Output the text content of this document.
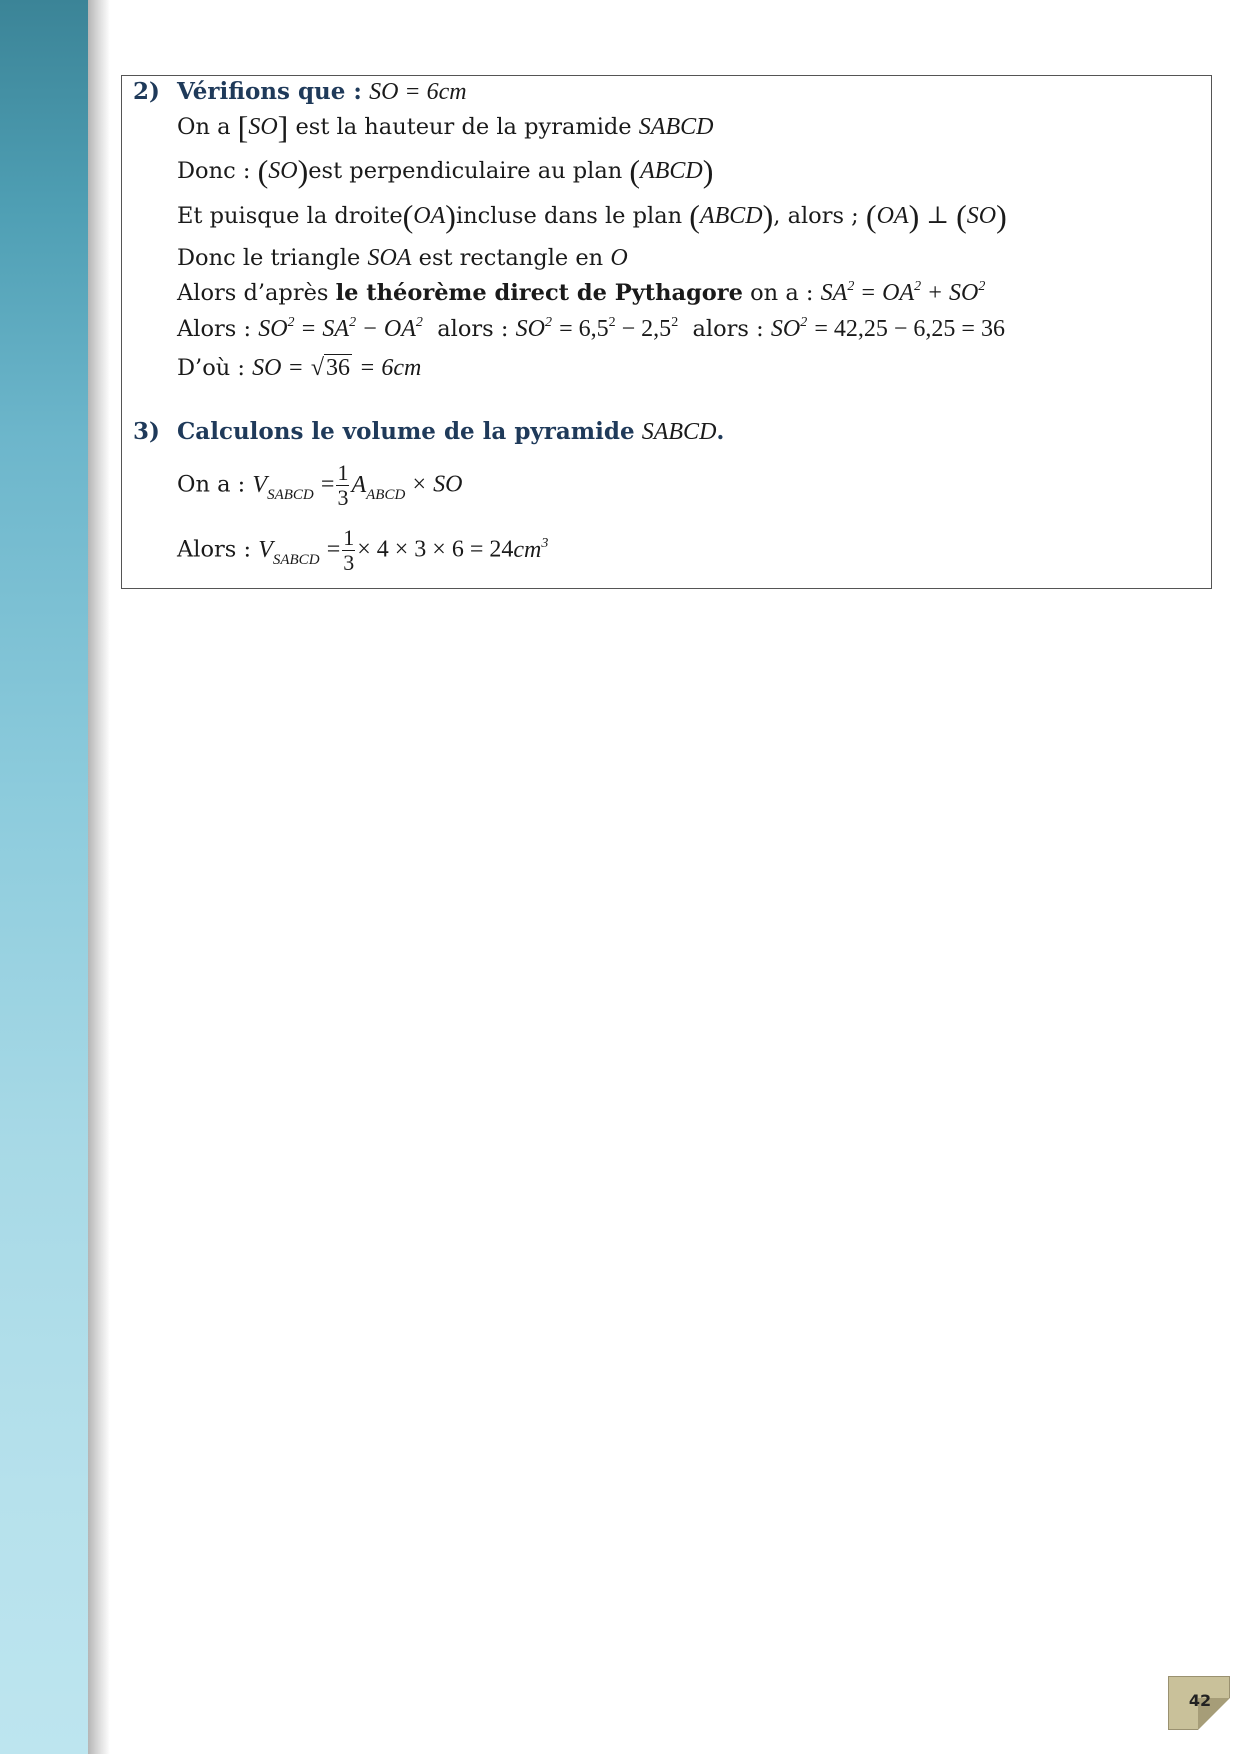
2) Vérifions que : SO = 6cm
On a [SO] est la hauteur de la pyramide SABCD
Donc : (SO)est perpendiculaire au plan (ABCD)
Et puisque la droite(OA)incluse dans le plan (ABCD), alors ; (OA) ⊥ (SO)
Donc le triangle SOA est rectangle en O
Alors d’après le théorème direct de Pythagore on a : $SA^2 = OA^2 + SO^2$
Alors : $SO^2 = SA^2 - OA^2$ alors : $SO^2 = 6,5^2 - 2,5^2$ alors : $SO^2 = 42,25 - 6,25 = 36$
D’où : SO = √36 = 6cm
3) Calculons le volume de la pyramide SABCD.
On a : $V_{SABCD} = \frac{1}{3} A_{ABCD}$ × SO
Alors : $V_{SABCD} = \frac{1}{3} \times 4 \times 3 \times 6 = 24cm^3$
42
